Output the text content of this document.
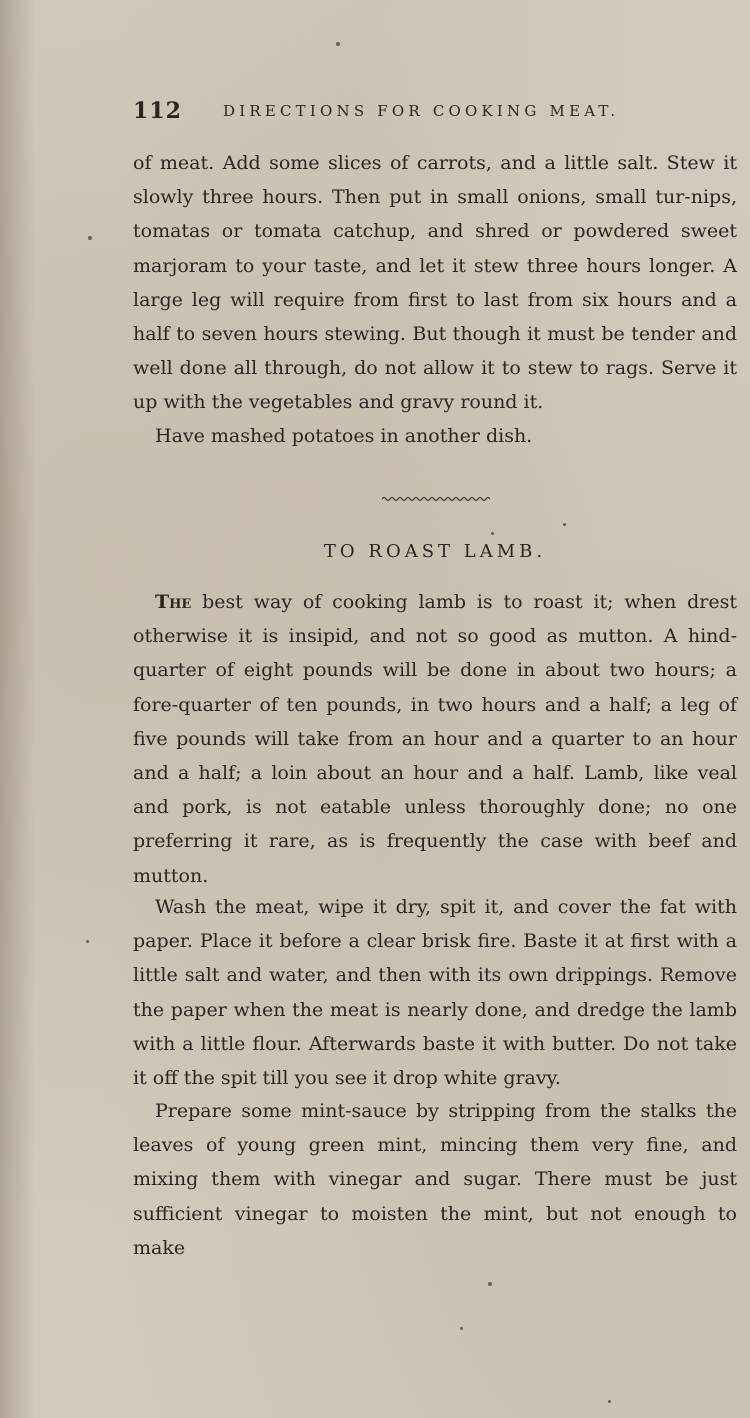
112	DIRECTIONS FOR COOKING MEAT.

of meat. Add some slices of carrots, and a little salt. Stew it slowly three hours. Then put in small onions, small tur-nips, tomatas or tomata catchup, and shred or powdered sweet marjoram to your taste, and let it stew three hours longer. A large leg will require from first to last from six hours and a half to seven hours stewing. But though it must be tender and well done all through, do not allow it to stew to rags. Serve it up with the vegetables and gravy round it.

Have mashed potatoes in another dish.

TO ROAST LAMB.

The best way of cooking lamb is to roast it; when drest otherwise it is insipid, and not so good as mutton. A hind-quarter of eight pounds will be done in about two hours; a fore-quarter of ten pounds, in two hours and a half; a leg of five pounds will take from an hour and a quarter to an hour and a half; a loin about an hour and a half. Lamb, like veal and pork, is not eatable unless thoroughly done; no one preferring it rare, as is frequently the case with beef and mutton.

Wash the meat, wipe it dry, spit it, and cover the fat with paper. Place it before a clear brisk fire. Baste it at first with a little salt and water, and then with its own drippings. Remove the paper when the meat is nearly done, and dredge the lamb with a little flour. Afterwards baste it with butter. Do not take it off the spit till you see it drop white gravy.

Prepare some mint-sauce by stripping from the stalks the leaves of young green mint, mincing them very fine, and mixing them with vinegar and sugar. There must be just sufficient vinegar to moisten the mint, but not enough to make
